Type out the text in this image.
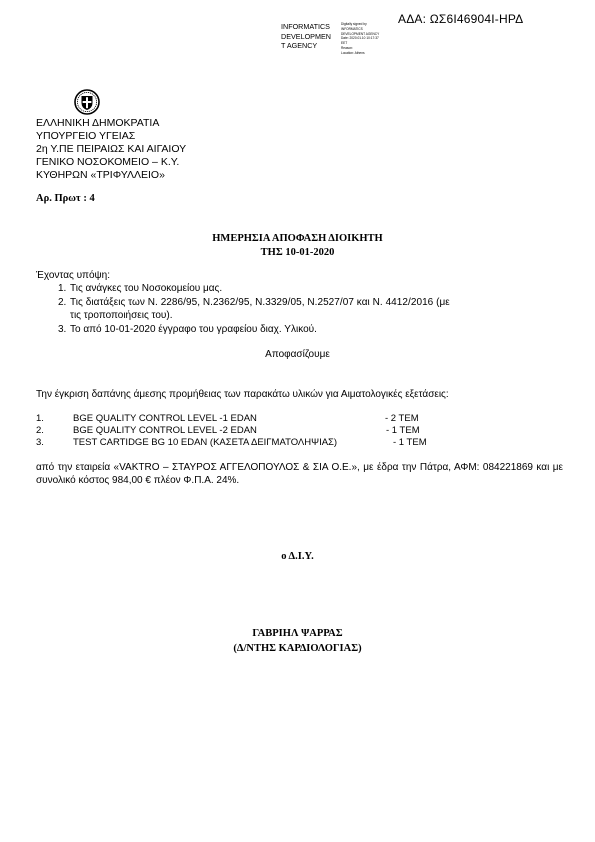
ΑΔΑ: ΩΣ6Ι46904Ι-ΗΡΔ
INFORMATICS
DEVELOPMEN
T AGENCY
Digitally signed by
INFORMATICS
DEVELOPMENT AGENCY
Date: 2020.01.10 10:17:37
EET
Reason:
Location: Athens
ΕΛΛΗΝΙΚΗ ΔΗΜΟΚΡΑΤΙΑ
ΥΠΟΥΡΓΕΙΟ ΥΓΕΙΑΣ
2η Υ.ΠΕ ΠΕΙΡΑΙΩΣ ΚΑΙ ΑΙΓΑΙΟΥ
ΓΕΝΙΚΟ ΝΟΣΟΚΟΜΕΙΟ – Κ.Υ.
ΚΥΘΗΡΩΝ «ΤΡΙΦΥΛΛΕΙΟ»
Αρ. Πρωτ : 4
ΗΜΕΡΗΣΙΑ ΑΠΟΦΑΣΗ ΔΙΟΙΚΗΤΗ
ΤΗΣ 10-01-2020
Έχοντας υπόψη:
1. Τις ανάγκες του Νοσοκομείου μας.
2. Τις διατάξεις των Ν. 2286/95, Ν.2362/95, Ν.3329/05, Ν.2527/07 και Ν. 4412/2016 (με
τις τροποποιήσεις του).
3. Το από 10-01-2020 έγγραφο του γραφείου διαχ. Υλικού.
Αποφασίζουμε
Την έγκριση δαπάνης άμεσης προμήθειας των παρακάτω υλικών για Αιματολογικές εξετάσεις:
1.	BGE QUALITY CONTROL LEVEL -1 EDAN	- 2 TEM
2.	BGE QUALITY CONTROL LEVEL -2 EDAN	- 1 TEM
3.	TEST CARTIDGE BG 10 EDAN (ΚΑΣΕΤΑ ΔΕΙΓΜΑΤΟΛΗΨΙΑΣ)	- 1 TEM
από την εταιρεία «VAKTRO – ΣΤΑΥΡΟΣ ΑΓΓΕΛΟΠΟΥΛΟΣ & ΣΙΑ Ο.Ε.», με έδρα την Πάτρα, ΑΦΜ: 084221869 και με συνολικό κόστος 984,00 € πλέον Φ.Π.Α. 24%.
ο Δ.Ι.Υ.
ΓΑΒΡΙΗΛ ΨΑΡΡΑΣ
(Δ/ΝΤΗΣ ΚΑΡΔΙΟΛΟΓΙΑΣ)
